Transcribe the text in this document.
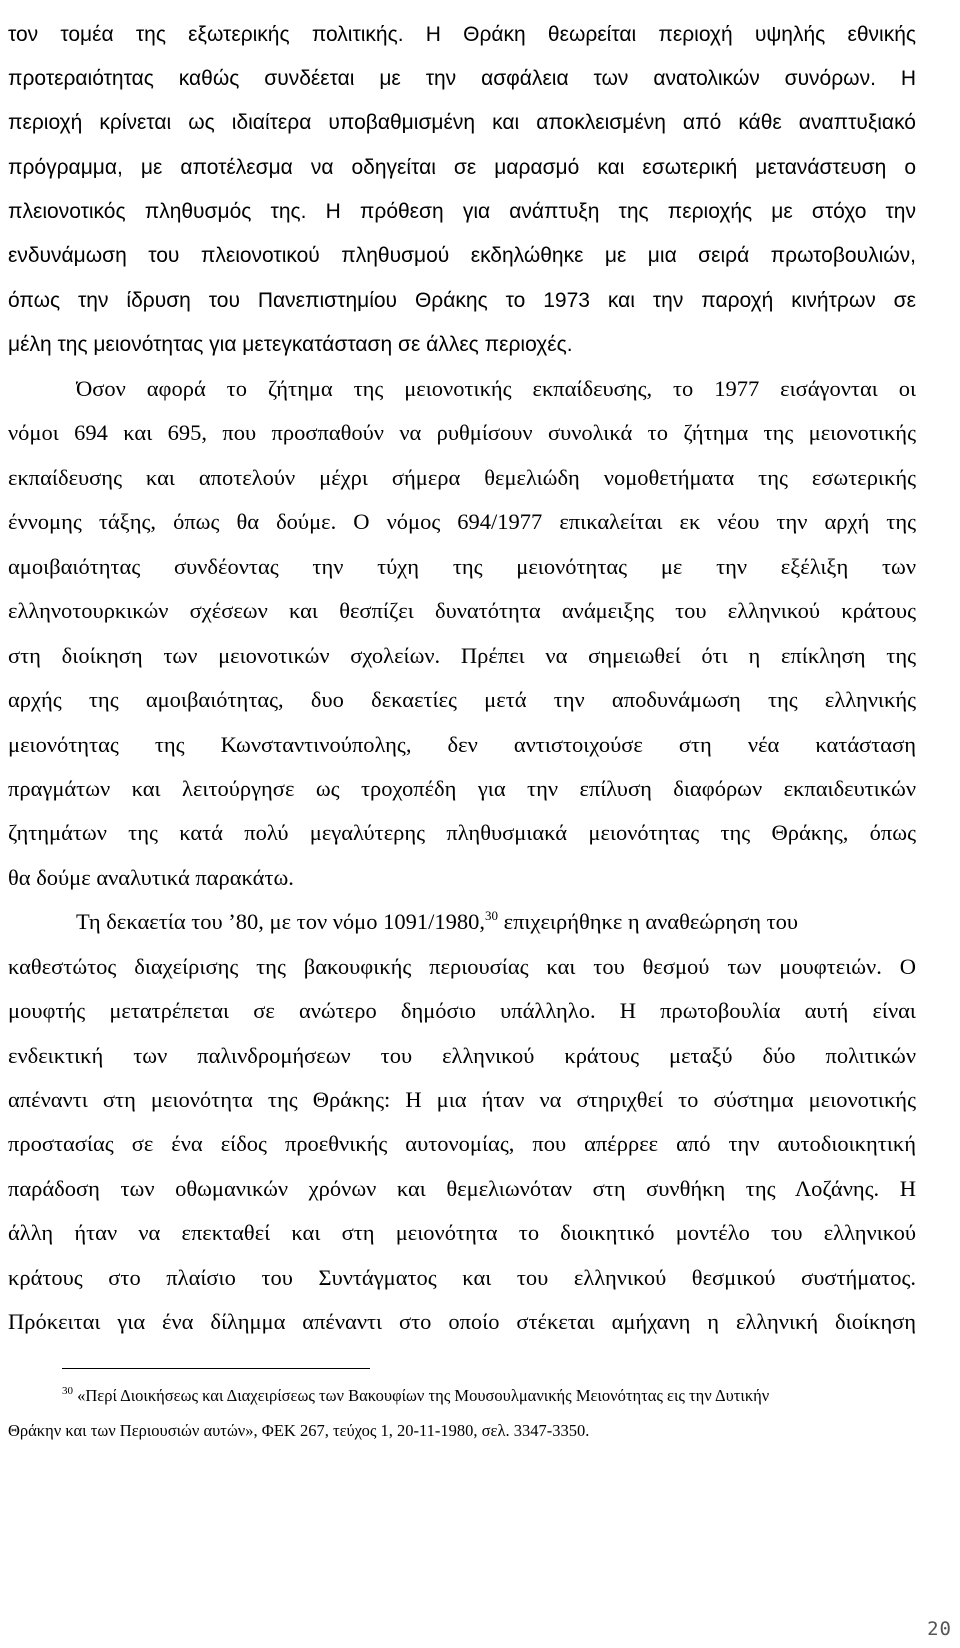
τον τομέα της εξωτερικής πολιτικής. Η Θράκη θεωρείται περιοχή υψηλής εθνικής
προτεραιότητας καθώς συνδέεται με την ασφάλεια των ανατολικών συνόρων. Η
περιοχή κρίνεται ως ιδιαίτερα υποβαθμισμένη και αποκλεισμένη από κάθε αναπτυξιακό
πρόγραμμα, με αποτέλεσμα να οδηγείται σε μαρασμό και εσωτερική μετανάστευση ο
πλειονοτικός πληθυσμός της. Η πρόθεση για ανάπτυξη της περιοχής με στόχο την
ενδυνάμωση του πλειονοτικού πληθυσμού εκδηλώθηκε με μια σειρά πρωτοβουλιών,
όπως την ίδρυση του Πανεπιστημίου Θράκης το 1973 και την παροχή κινήτρων σε
μέλη της μειονότητας για μετεγκατάσταση σε άλλες περιοχές.
Όσον αφορά το ζήτημα της μειονοτικής εκπαίδευσης, το 1977 εισάγονται οι
νόμοι 694 και 695, που προσπαθούν να ρυθμίσουν συνολικά το ζήτημα της μειονοτικής
εκπαίδευσης και αποτελούν μέχρι σήμερα θεμελιώδη νομοθετήματα της εσωτερικής
έννομης τάξης, όπως θα δούμε. Ο νόμος 694/1977 επικαλείται εκ νέου την αρχή της
αμοιβαιότητας συνδέοντας την τύχη της μειονότητας με την εξέλιξη των
ελληνοτουρκικών σχέσεων και θεσπίζει δυνατότητα ανάμειξης του ελληνικού κράτους
στη διοίκηση των μειονοτικών σχολείων. Πρέπει να σημειωθεί ότι η επίκληση της
αρχής της αμοιβαιότητας, δυο δεκαετίες μετά την αποδυνάμωση της ελληνικής
μειονότητας της Κωνσταντινούπολης, δεν αντιστοιχούσε στη νέα κατάσταση
πραγμάτων και λειτούργησε ως τροχοπέδη για την επίλυση διαφόρων εκπαιδευτικών
ζητημάτων της κατά πολύ μεγαλύτερης πληθυσμιακά μειονότητας της Θράκης, όπως
θα δούμε αναλυτικά παρακάτω.
Τη δεκαετία του ’80, με τον νόμο 1091/1980,30 επιχειρήθηκε η αναθεώρηση του
καθεστώτος διαχείρισης της βακουφικής περιουσίας και του θεσμού των μουφτειών. Ο
μουφτής μετατρέπεται σε ανώτερο δημόσιο υπάλληλο. Η πρωτοβουλία αυτή είναι
ενδεικτική των παλινδρομήσεων του ελληνικού κράτους μεταξύ δύο πολιτικών
απέναντι στη μειονότητα της Θράκης: Η μια ήταν να στηριχθεί το σύστημα μειονοτικής
προστασίας σε ένα είδος προεθνικής αυτονομίας, που απέρρεε από την αυτοδιοικητική
παράδοση των οθωμανικών χρόνων και θεμελιωνόταν στη συνθήκη της Λοζάνης. Η
άλλη ήταν να επεκταθεί και στη μειονότητα το διοικητικό μοντέλο του ελληνικού
κράτους στο πλαίσιο του Συντάγματος και του ελληνικού θεσμικού συστήματος.
Πρόκειται για ένα δίλημμα απέναντι στο οποίο στέκεται αμήχανη η ελληνική διοίκηση
$^{30}$ «Περί Διοικήσεως και Διαχειρίσεως των Βακουφίων της Μουσουλμανικής Μειονότητας εις την Δυτικήν
Θράκην και των Περιουσιών αυτών», ΦΕΚ 267, τεύχος 1, 20-11-1980, σελ. 3347-3350.
20
